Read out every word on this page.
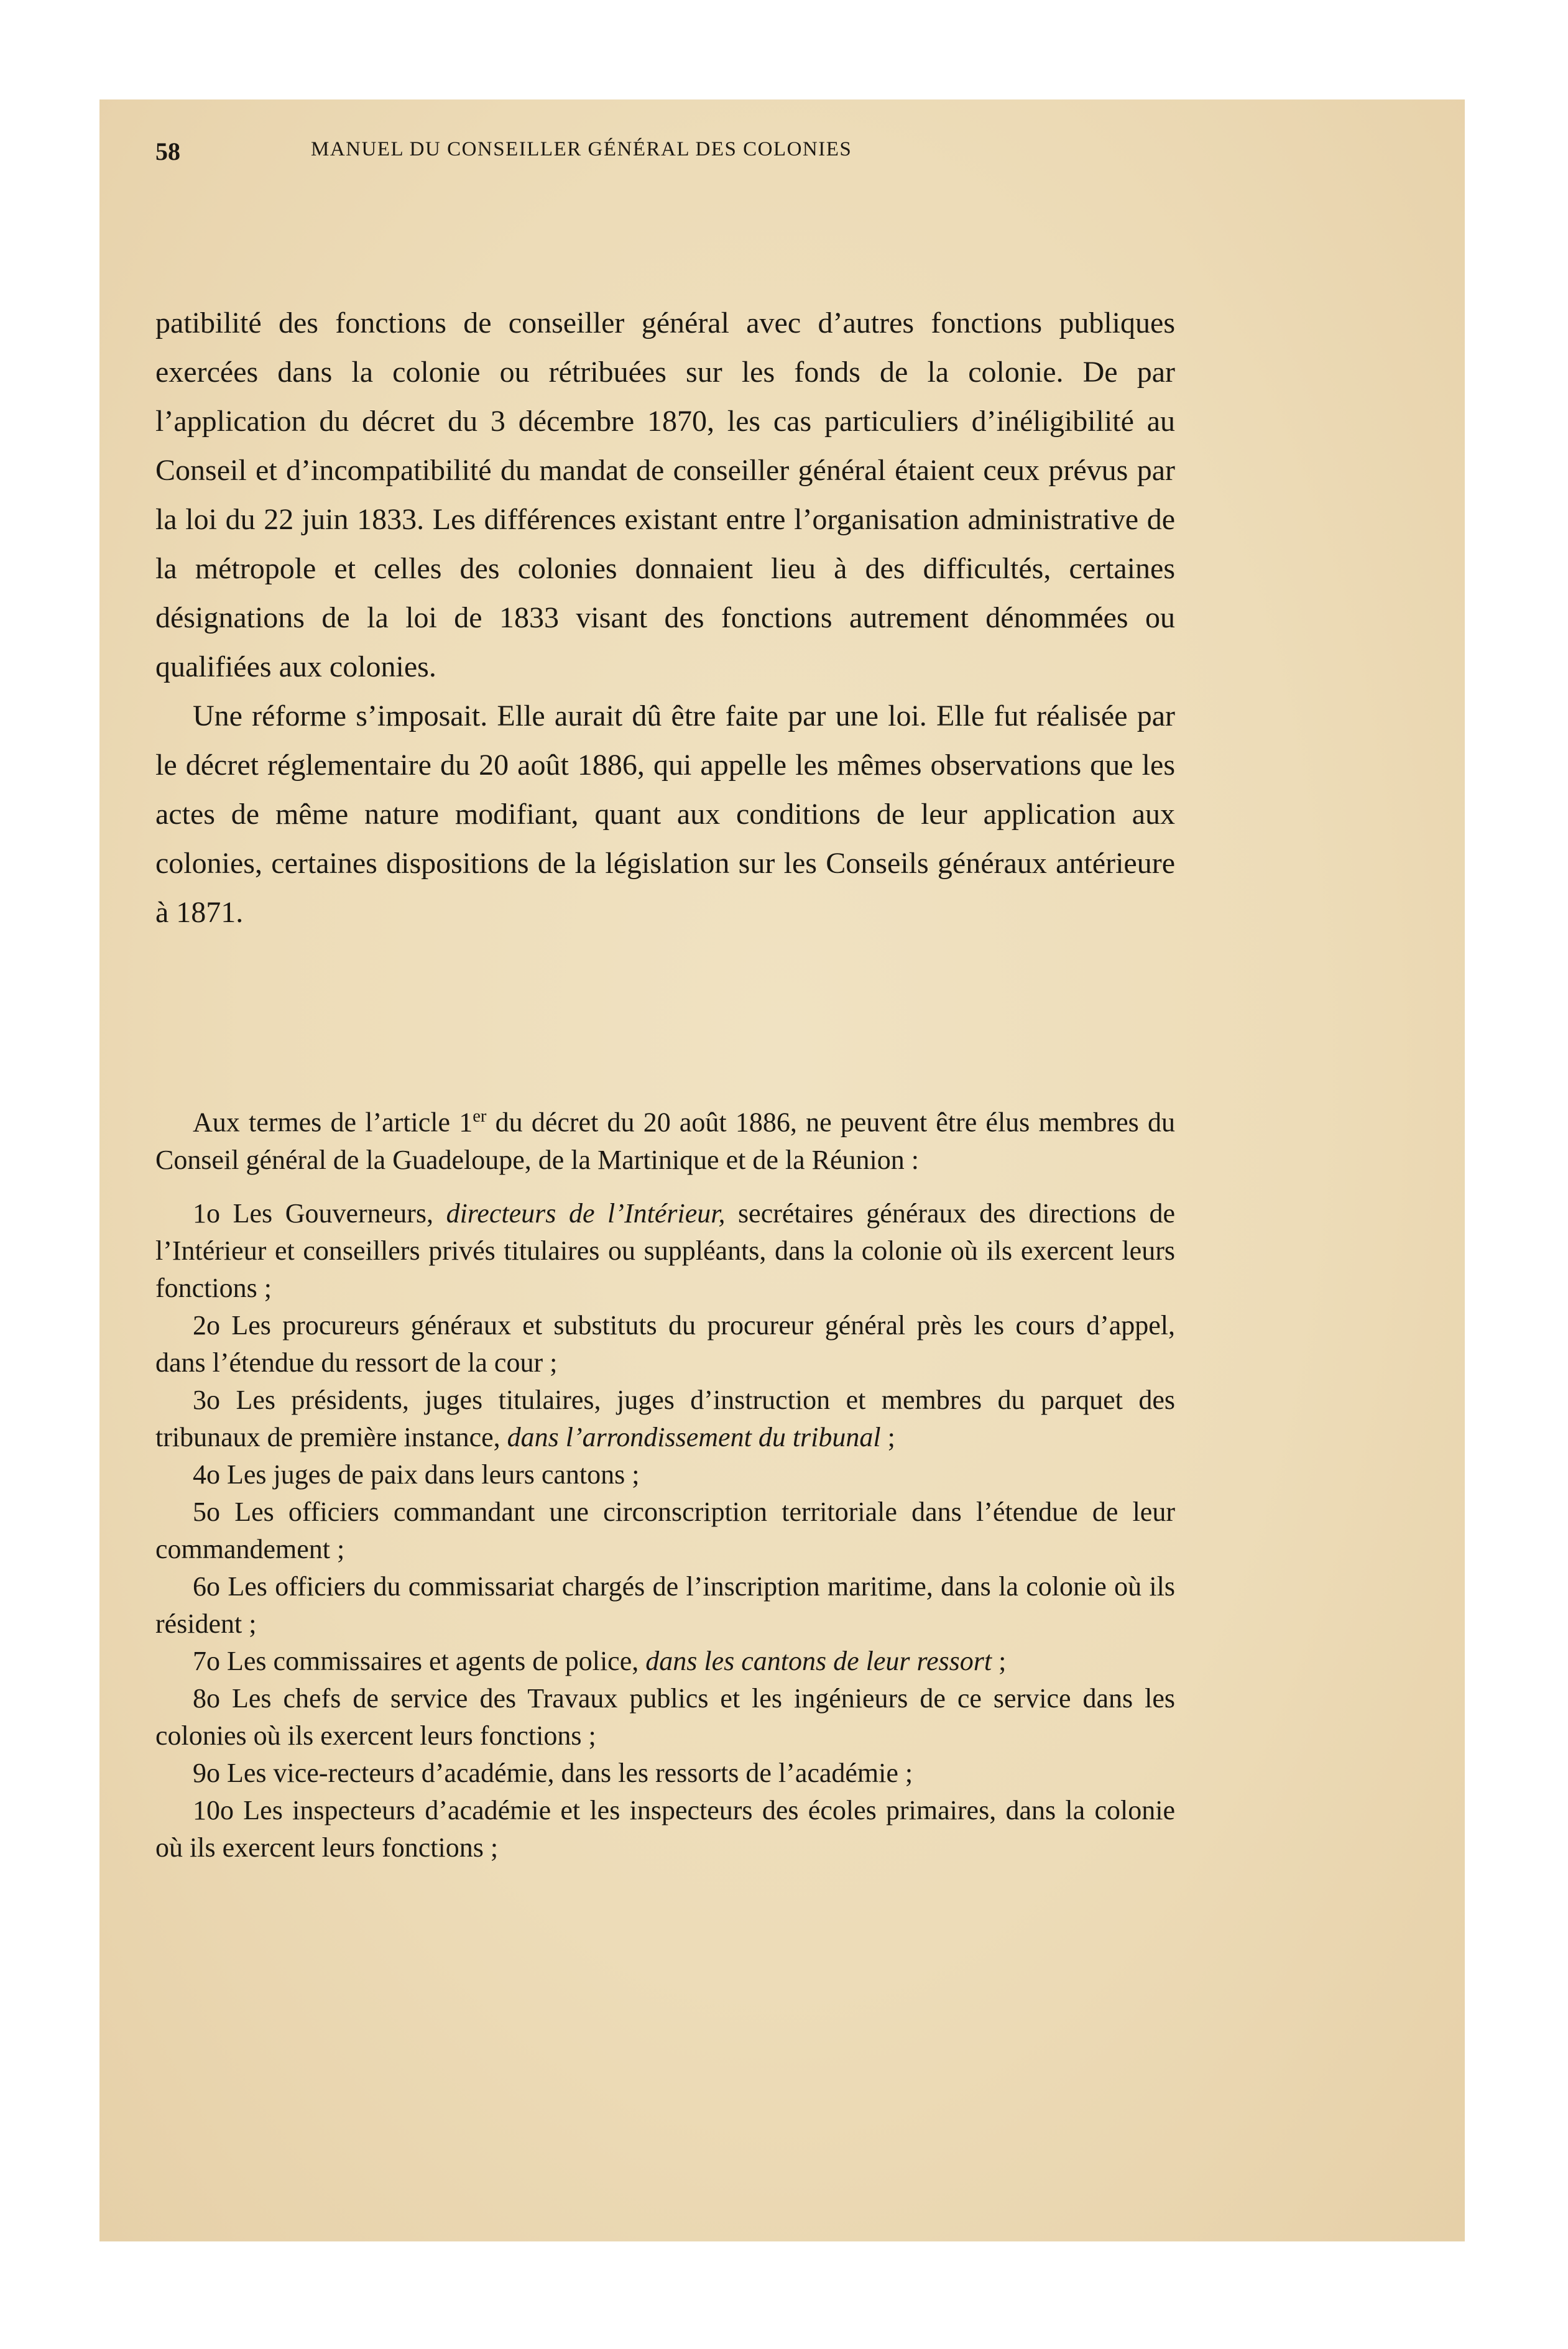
58	MANUEL DU CONSEILLER GÉNÉRAL DES COLONIES

patibilité des fonctions de conseiller général avec d’autres fonctions publiques exercées dans la colonie ou rétribuées sur les fonds de la colonie. De par l’application du décret du 3 décembre 1870, les cas particuliers d’inéligibilité au Conseil et d’incompatibilité du mandat de conseiller général étaient ceux prévus par la loi du 22 juin 1833. Les différences existant entre l’organisation administrative de la métropole et celles des colonies donnaient lieu à des difficultés, certaines désignations de la loi de 1833 visant des fonctions autrement dénommées ou qualifiées aux colonies.

Une réforme s’imposait. Elle aurait dû être faite par une loi. Elle fut réalisée par le décret réglementaire du 20 août 1886, qui appelle les mêmes observations que les actes de même nature modifiant, quant aux conditions de leur application aux colonies, certaines dispositions de la législation sur les Conseils généraux antérieure à 1871.

Aux termes de l’article 1er du décret du 20 août 1886, ne peuvent être élus membres du Conseil général de la Guadeloupe, de la Martinique et de la Réunion :

1o Les Gouverneurs, directeurs de l’Intérieur, secrétaires généraux des directions de l’Intérieur et conseillers privés titulaires ou suppléants, dans la colonie où ils exercent leurs fonctions ;

2o Les procureurs généraux et substituts du procureur général près les cours d’appel, dans l’étendue du ressort de la cour ;

3o Les présidents, juges titulaires, juges d’instruction et membres du parquet des tribunaux de première instance, dans l’arrondissement du tribunal ;

4o Les juges de paix dans leurs cantons ;

5o Les officiers commandant une circonscription territoriale dans l’étendue de leur commandement ;

6o Les officiers du commissariat chargés de l’inscription maritime, dans la colonie où ils résident ;

7o Les commissaires et agents de police, dans les cantons de leur ressort ;

8o Les chefs de service des Travaux publics et les ingénieurs de ce service dans les colonies où ils exercent leurs fonctions ;

9o Les vice-recteurs d’académie, dans les ressorts de l’académie ;

10o Les inspecteurs d’académie et les inspecteurs des écoles primaires, dans la colonie où ils exercent leurs fonctions ;
